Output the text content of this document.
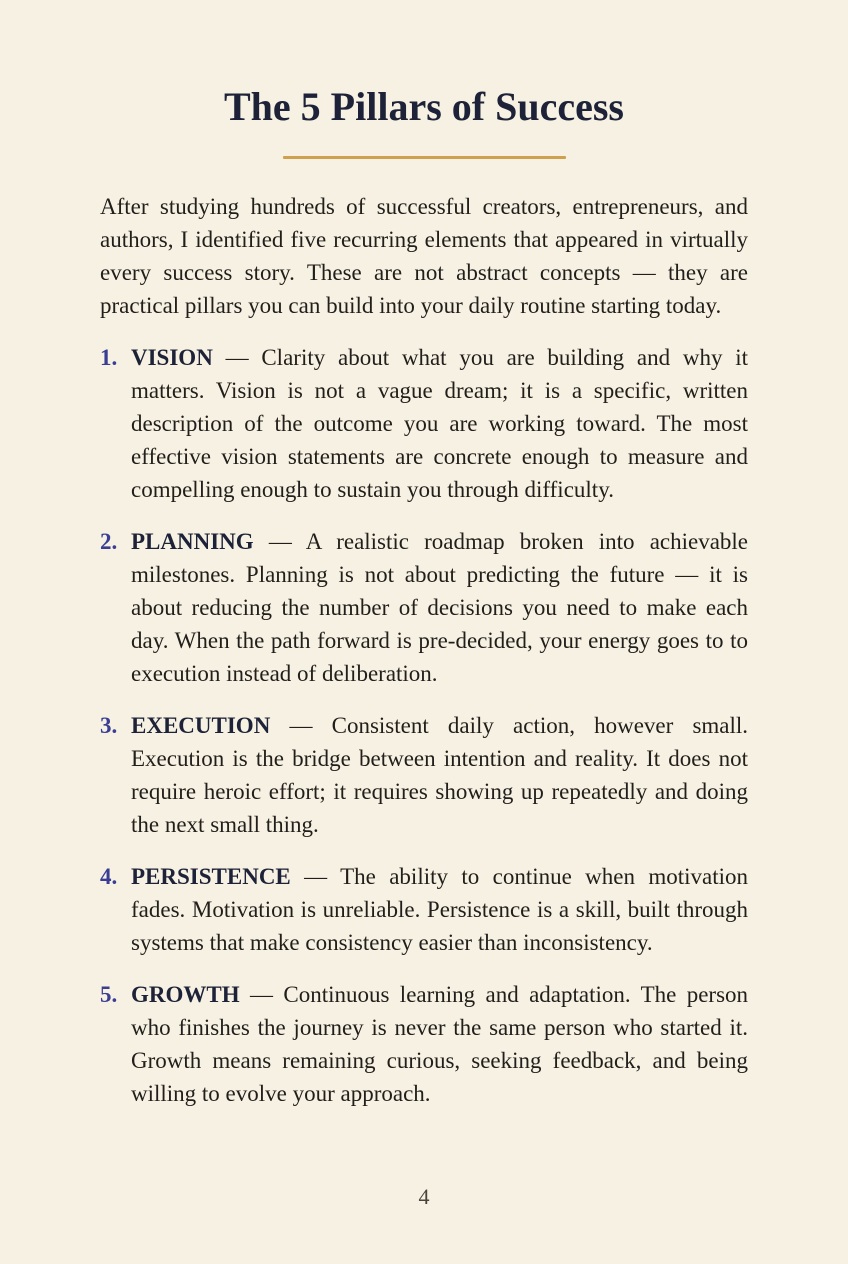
The 5 Pillars of Success

After studying hundreds of successful creators, entrepreneurs, and authors, I identified five recurring elements that appeared in virtually every success story. These are not abstract concepts — they are practical pillars you can build into your daily routine starting today.

1. VISION — Clarity about what you are building and why it matters. Vision is not a vague dream; it is a specific, written description of the outcome you are working toward. The most effective vision statements are concrete enough to measure and compelling enough to sustain you through difficulty.

2. PLANNING — A realistic roadmap broken into achievable milestones. Planning is not about predicting the future — it is about reducing the number of decisions you need to make each day. When the path forward is pre-decided, your energy goes to to execution instead of deliberation.

3. EXECUTION — Consistent daily action, however small. Execution is the bridge between intention and reality. It does not require heroic effort; it requires showing up repeatedly and doing the next small thing.

4. PERSISTENCE — The ability to continue when motivation fades. Motivation is unreliable. Persistence is a skill, built through systems that make consistency easier than inconsistency.

5. GROWTH — Continuous learning and adaptation. The person who finishes the journey is never the same person who started it. Growth means remaining curious, seeking feedback, and being willing to evolve your approach.

4
